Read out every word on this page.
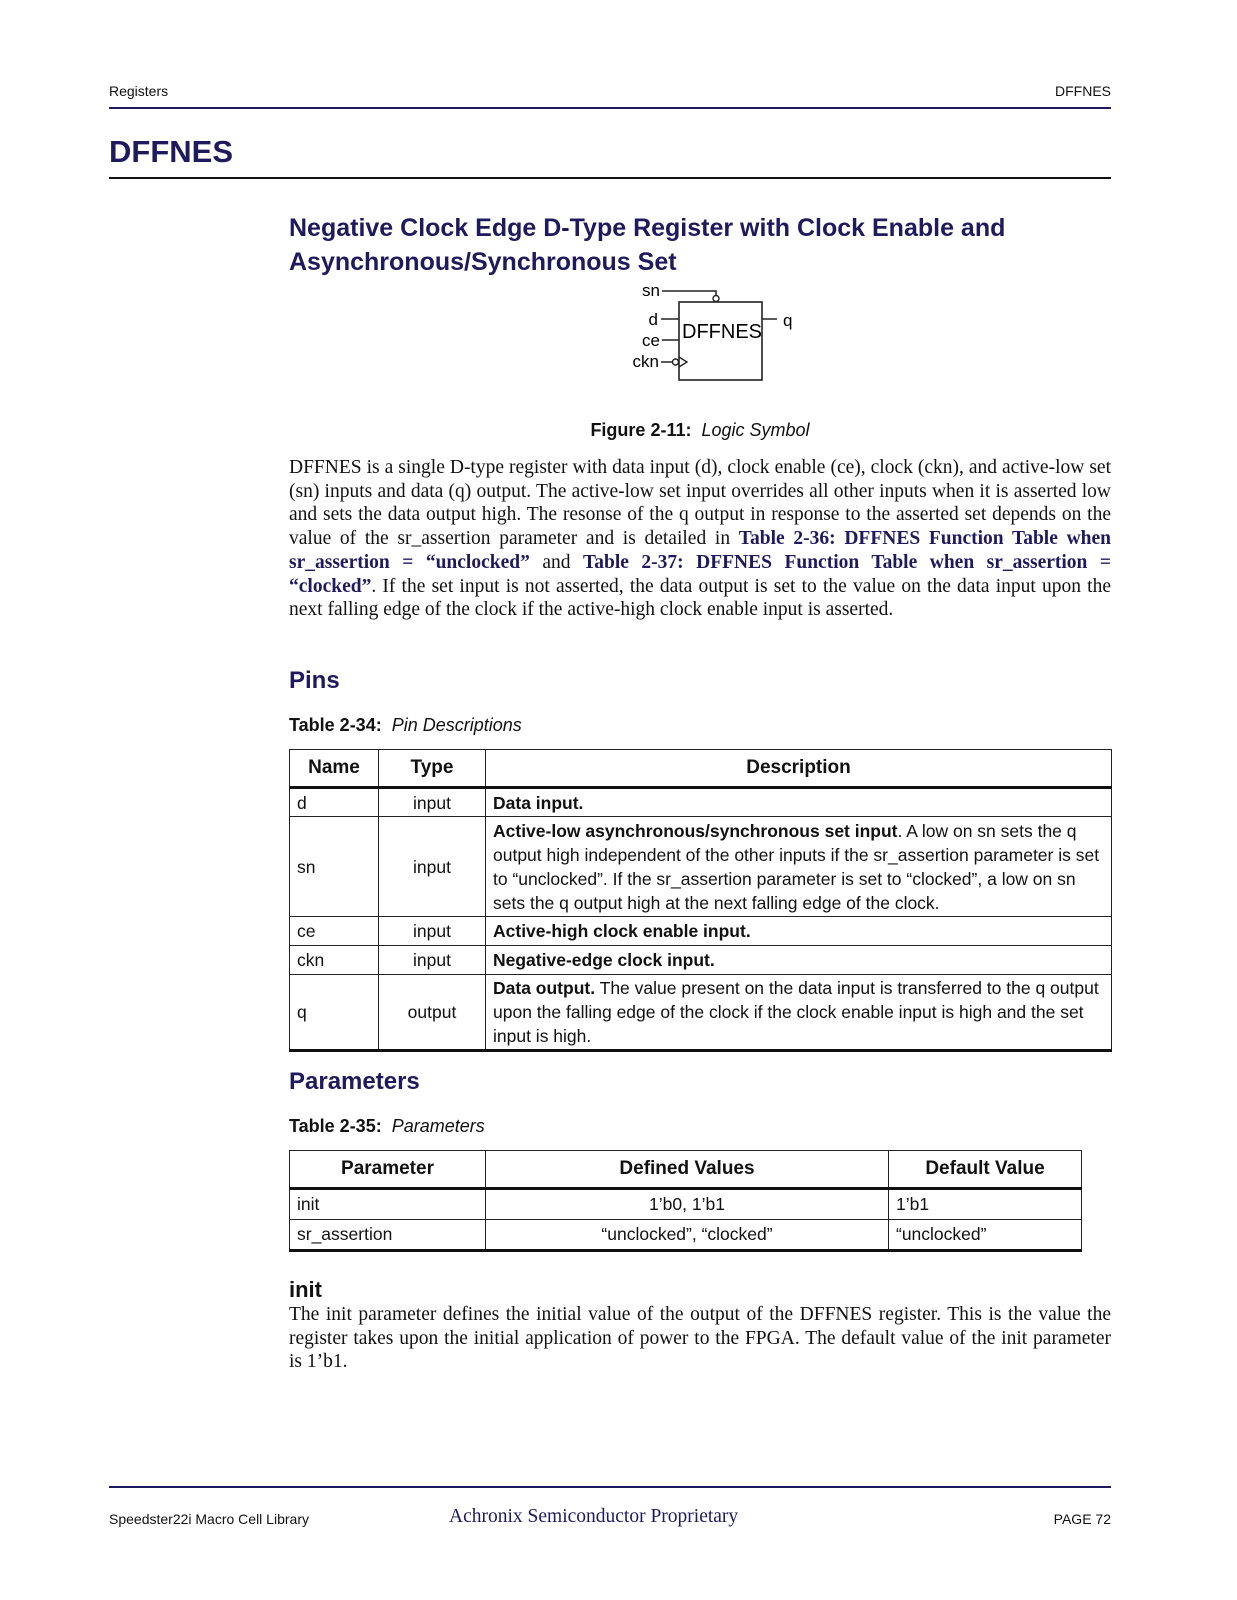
Registers	DFFNES
DFFNES
Negative Clock Edge D-Type Register with Clock Enable and Asynchronous/Synchronous Set
DFFNES
sn
d
ce
ckn
q
Figure 2-11: Logic Symbol

DFFNES is a single D-type register with data input (d), clock enable (ce), clock (ckn), and active-low set (sn) inputs and data (q) output. The active-low set input overrides all other inputs when it is asserted low and sets the data output high. The resonse of the q output in response to the asserted set depends on the value of the sr_assertion parameter and is detailed in Table 2-36: DFFNES Function Table when sr_assertion = “unclocked” and Table 2-37: DFFNES Function Table when sr_assertion = “clocked”. If the set input is not asserted, the data output is set to the value on the data input upon the next falling edge of the clock if the active-high clock enable input is asserted.

Pins
Table 2-34: Pin Descriptions
Name	Type	Description
d	input	Data input.
sn	input	Active-low asynchronous/synchronous set input. A low on sn sets the q output high independent of the other inputs if the sr_assertion parameter is set to “unclocked”. If the sr_assertion parameter is set to “clocked”, a low on sn sets the q output high at the next falling edge of the clock.
ce	input	Active-high clock enable input.
ckn	input	Negative-edge clock input.
q	output	Data output. The value present on the data input is transferred to the q output upon the falling edge of the clock if the clock enable input is high and the set input is high.
Parameters
Table 2-35: Parameters
Parameter	Defined Values	Default Value
init	1’b0, 1’b1	1’b1
sr_assertion	“unclocked”, “clocked”	“unclocked”
init

The init parameter defines the initial value of the output of the DFFNES register. This is the value the register takes upon the initial application of power to the FPGA. The default value of the init parameter is 1’b1.

Speedster22i Macro Cell Library	Achronix Semiconductor Proprietary	PAGE 72
